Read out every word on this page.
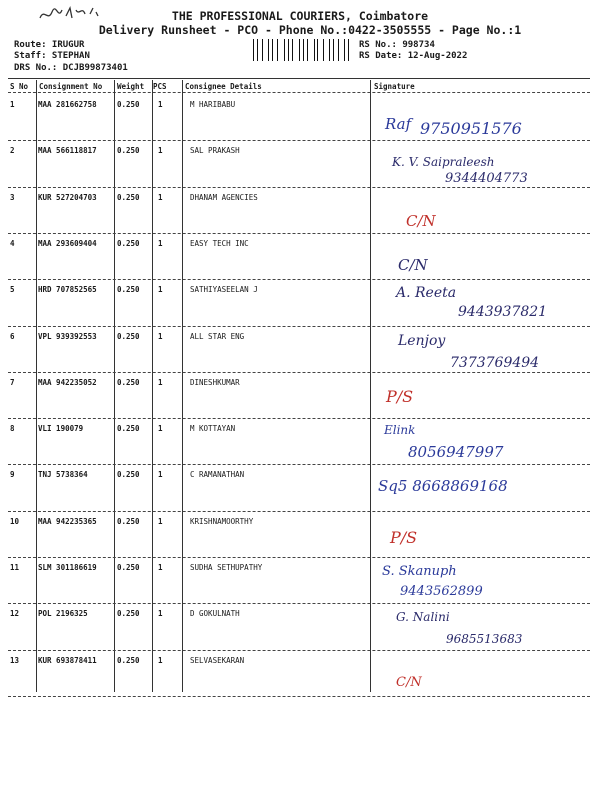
THE PROFESSIONAL COURIERS, Coimbatore
Delivery Runsheet - PCO - Phone No.:0422-3505555 - Page No.:1
Route: IRUGUR
Staff: STEPHAN
DRS No.: DCJB99873401
RS No.: 998734
RS Date: 12-Aug-2022
S No Consignment No Weight PCS Consignee Details	Signature
1	MAA 281662758	0.250 1	M HARIBABU
Raf 9750951576
2	MAA 566118817	0.250 1	SAL PRAKASH
K. V. Saipraleesh
9344404773
3	KUR 527204703	0.250 1	DHANAM AGENCIES
C/N
4	MAA 293609404	0.250 1	EASY TECH INC
C/N
5	HRD 707852565	0.250 1	SATHIYASEELAN J	A. Reeta
9443937821
6	VPL 939392553	0.250 1	ALL STAR ENG	Lenjoy
7373769494
7	MAA 942235052	0.250 1	DINESHKUMAR
P/S
8	VLI 190079	0.250 1	M KOTTAYAN	Elink
8056947997
9	TNJ 5738364	0.250 1	C RAMANATHAN
Sq5 8668869168
10	MAA 942235365	0.250 1	KRISHNAMOORTHY
P/S
11	SLM 301186619	0.250 1	SUDHA SETHUPATHY	S. Skanuph
9443562899
12	POL 2196325	0.250 1	D GOKULNATH	G. Nalini
9685513683
13	KUR 693878411	0.250 1	SELVASEKARAN
C/N
